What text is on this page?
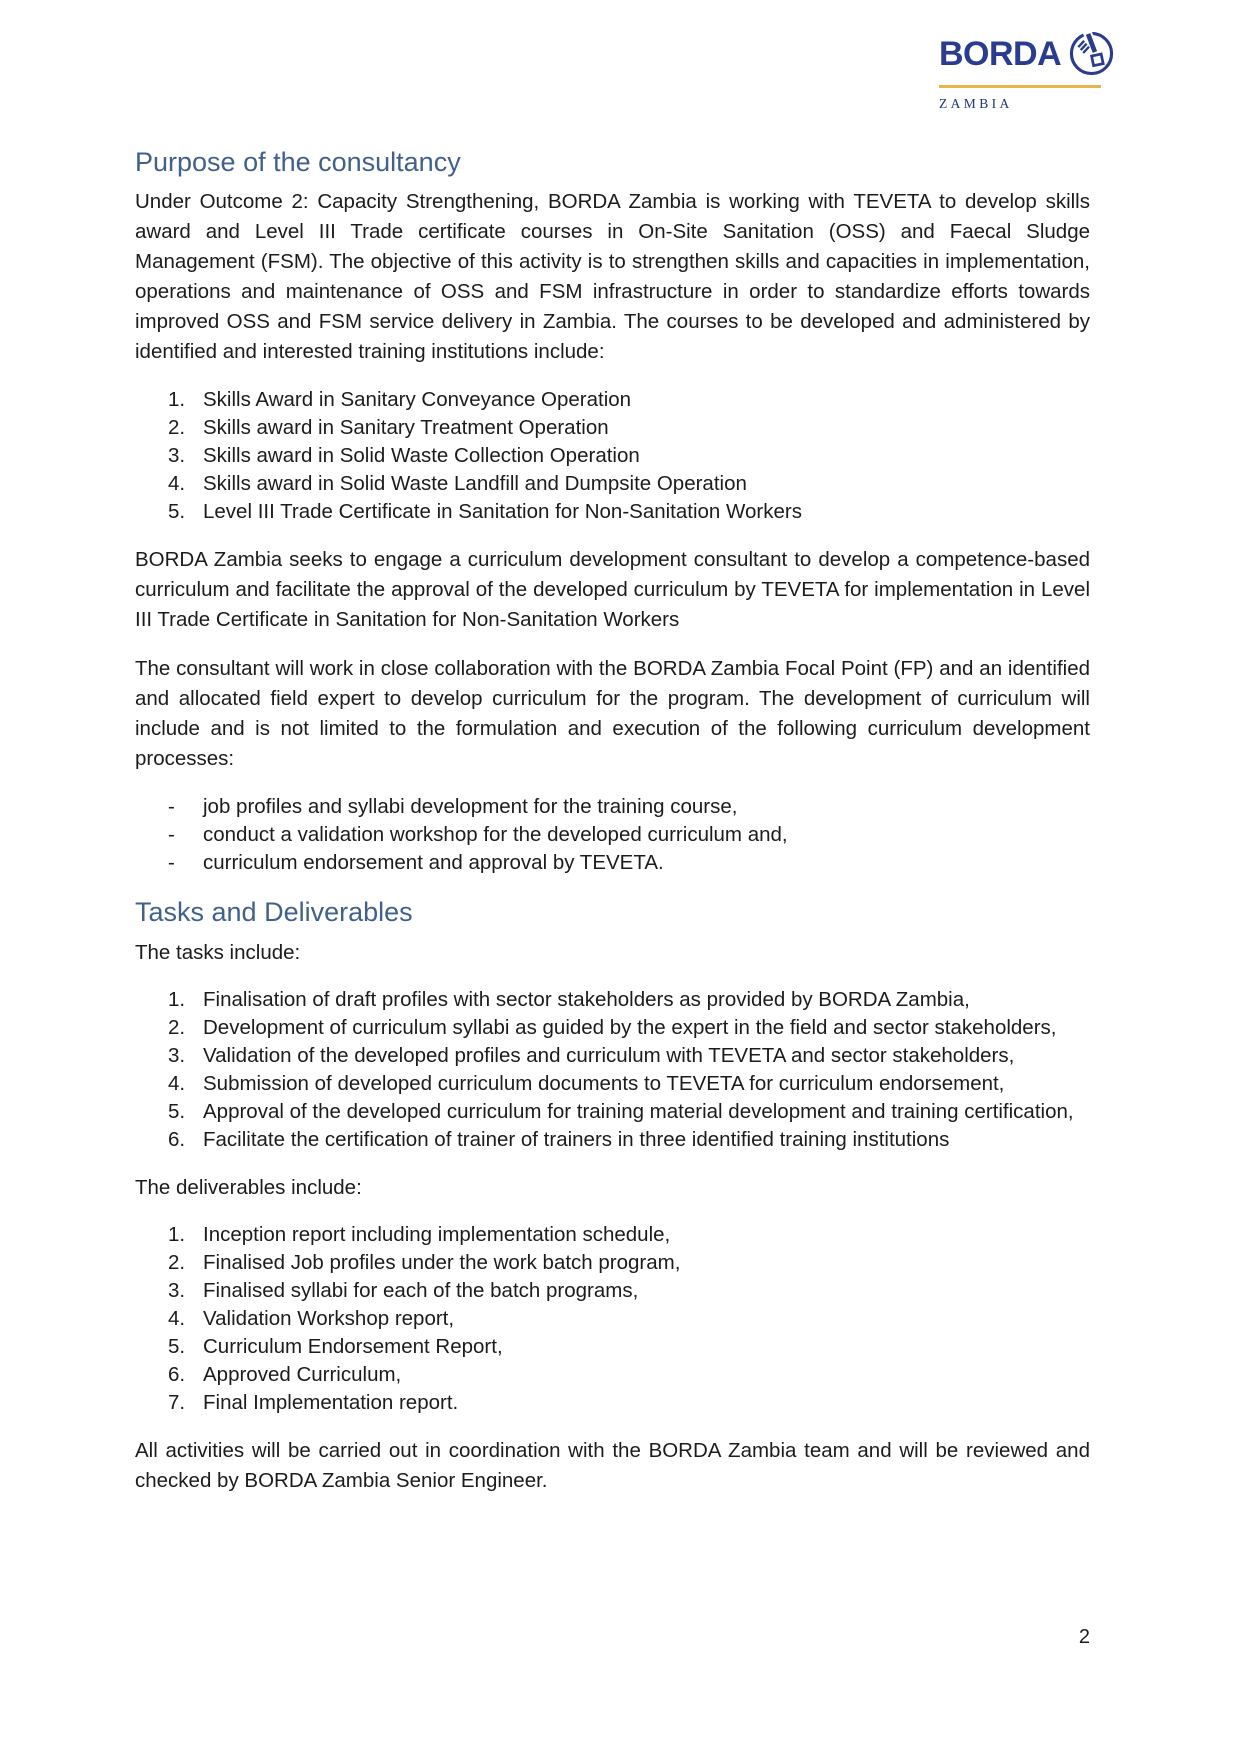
BORDA
ZAMBIA
Purpose of the consultancy

Under Outcome 2: Capacity Strengthening, BORDA Zambia is working with TEVETA to develop skills award and Level III Trade certificate courses in On-Site Sanitation (OSS) and Faecal Sludge Management (FSM). The objective of this activity is to strengthen skills and capacities in implementation, operations and maintenance of OSS and FSM infrastructure in order to standardize efforts towards improved OSS and FSM service delivery in Zambia. The courses to be developed and administered by identified and interested training institutions include:

1. Skills Award in Sanitary Conveyance Operation
2. Skills award in Sanitary Treatment Operation
3. Skills award in Solid Waste Collection Operation
4. Skills award in Solid Waste Landfill and Dumpsite Operation
5. Level III Trade Certificate in Sanitation for Non-Sanitation Workers

BORDA Zambia seeks to engage a curriculum development consultant to develop a competence-based curriculum and facilitate the approval of the developed curriculum by TEVETA for implementation in Level III Trade Certificate in Sanitation for Non-Sanitation Workers

The consultant will work in close collaboration with the BORDA Zambia Focal Point (FP) and an identified and allocated field expert to develop curriculum for the program. The development of curriculum will include and is not limited to the formulation and execution of the following curriculum development processes:

-	job profiles and syllabi development for the training course,
-	conduct a validation workshop for the developed curriculum and,
-	curriculum endorsement and approval by TEVETA.
Tasks and Deliverables

The tasks include:

1. Finalisation of draft profiles with sector stakeholders as provided by BORDA Zambia,
2. Development of curriculum syllabi as guided by the expert in the field and sector stakeholders,
3. Validation of the developed profiles and curriculum with TEVETA and sector stakeholders,
4. Submission of developed curriculum documents to TEVETA for curriculum endorsement,
5. Approval of the developed curriculum for training material development and training certification,
6. Facilitate the certification of trainer of trainers in three identified training institutions

The deliverables include:

1. Inception report including implementation schedule,
2. Finalised Job profiles under the work batch program,
3. Finalised syllabi for each of the batch programs,
4. Validation Workshop report,
5. Curriculum Endorsement Report,
6. Approved Curriculum,
7. Final Implementation report.

All activities will be carried out in coordination with the BORDA Zambia team and will be reviewed and checked by BORDA Zambia Senior Engineer.

2
